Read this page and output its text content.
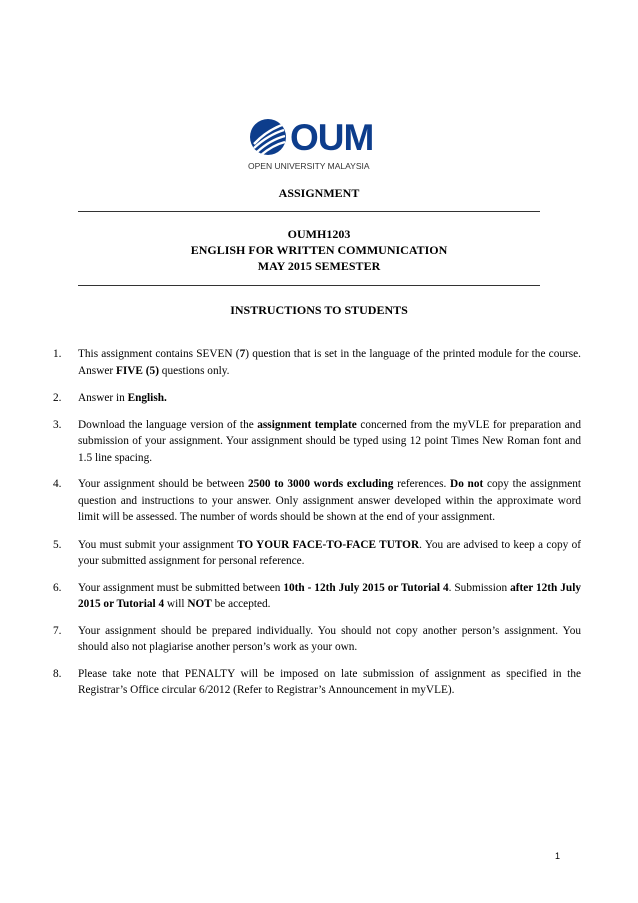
OUM
OPEN UNIVERSITY MALAYSIA
ASSIGNMENT
OUMH1203
ENGLISH FOR WRITTEN COMMUNICATION
MAY 2015 SEMESTER
INSTRUCTIONS TO STUDENTS
1. This assignment contains SEVEN (7) question that is set in the language of the printed module for the course. Answer FIVE (5) questions only.
2. Answer in English.
3. Download the language version of the assignment template concerned from the myVLE for preparation and submission of your assignment. Your assignment should be typed using 12 point Times New Roman font and 1.5 line spacing.
4. Your assignment should be between 2500 to 3000 words excluding references. Do not copy the assignment question and instructions to your answer. Only assignment answer developed within the approximate word limit will be assessed. The number of words should be shown at the end of your assignment.
5. You must submit your assignment TO YOUR FACE-TO-FACE TUTOR. You are advised to keep a copy of your submitted assignment for personal reference.
6. Your assignment must be submitted between 10th - 12th July 2015 or Tutorial 4. Submission after 12th July 2015 or Tutorial 4 will NOT be accepted.
7. Your assignment should be prepared individually. You should not copy another person’s assignment. You should also not plagiarise another person’s work as your own.
8. Please take note that PENALTY will be imposed on late submission of assignment as specified in the Registrar’s Office circular 6/2012 (Refer to Registrar’s Announcement in myVLE).
1
